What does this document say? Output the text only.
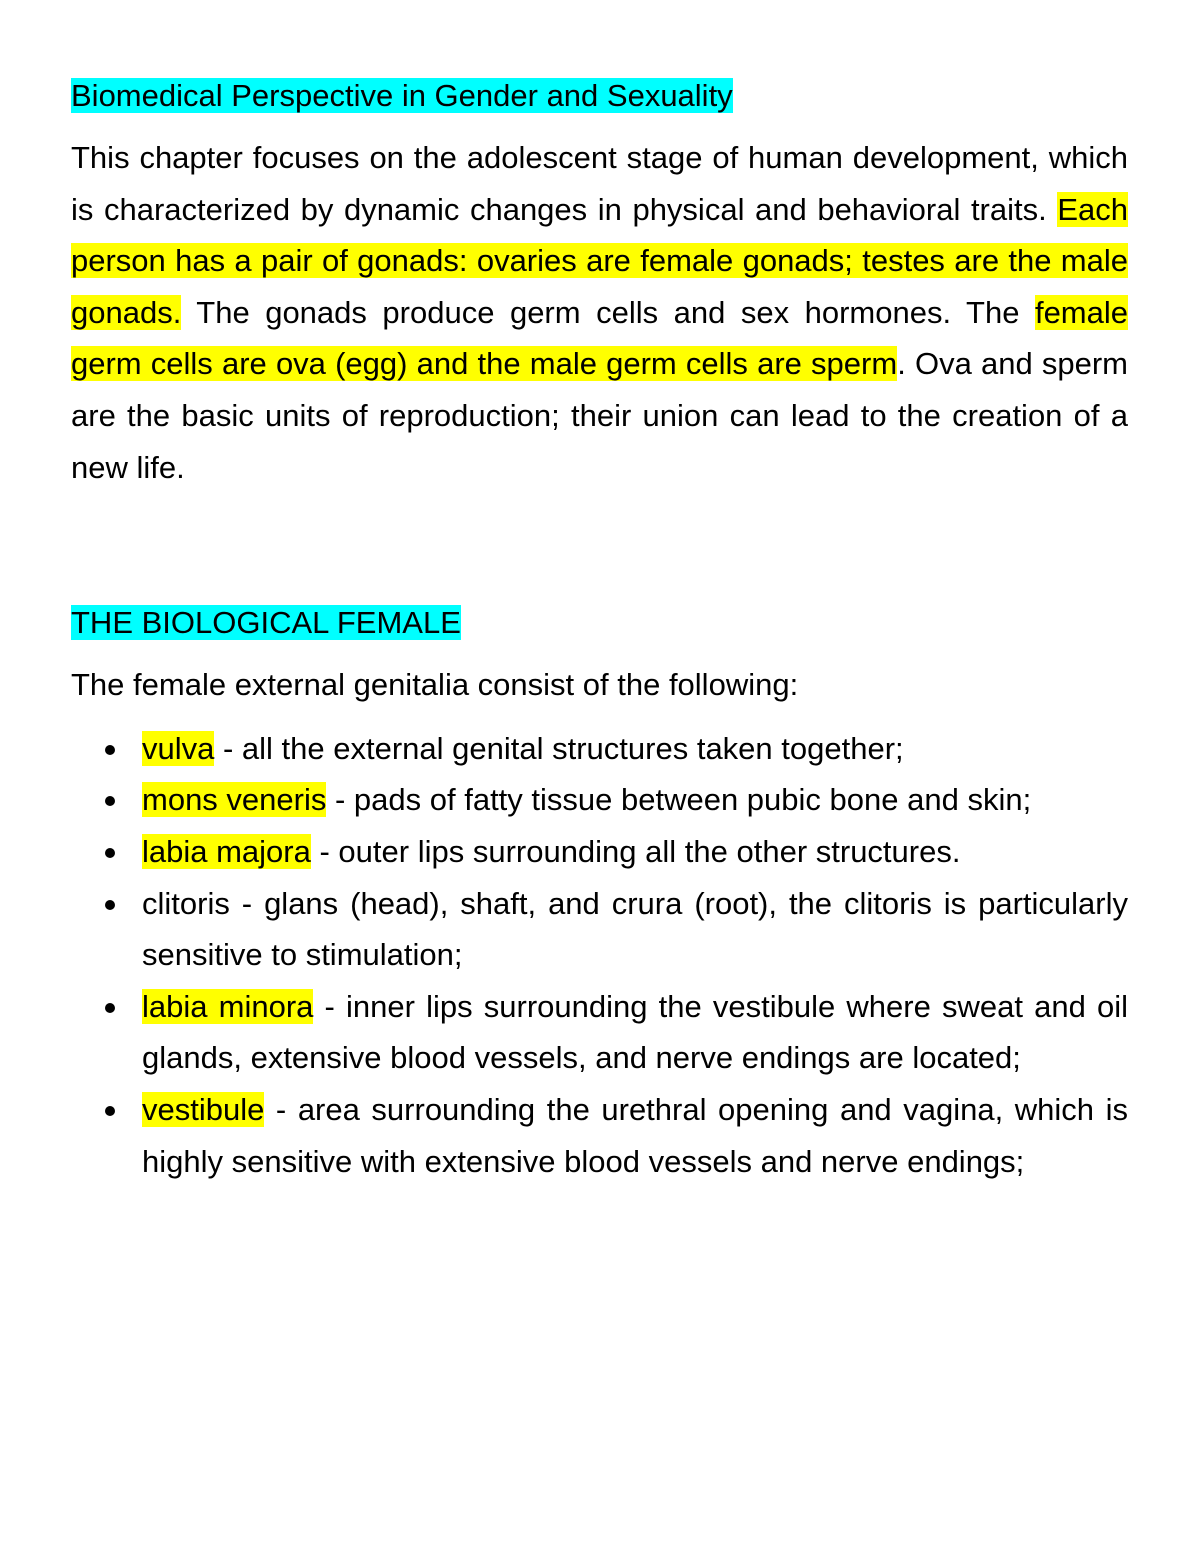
Biomedical Perspective in Gender and Sexuality

This chapter focuses on the adolescent stage of human development, which is characterized by dynamic changes in physical and behavioral traits. Each person has a pair of gonads: ovaries are female gonads; testes are the male gonads. The gonads produce germ cells and sex hormones. The female germ cells are ova (egg) and the male germ cells are sperm. Ova and sperm are the basic units of reproduction; their union can lead to the creation of a new life.

THE BIOLOGICAL FEMALE

The female external genitalia consist of the following:

vulva - all the external genital structures taken together;
mons veneris - pads of fatty tissue between pubic bone and skin;
labia majora - outer lips surrounding all the other structures.
clitoris - glans (head), shaft, and crura (root), the clitoris is particularly sensitive to stimulation;
labia minora - inner lips surrounding the vestibule where sweat and oil glands, extensive blood vessels, and nerve endings are located;
vestibule - area surrounding the urethral opening and vagina, which is highly sensitive with extensive blood vessels and nerve endings;
